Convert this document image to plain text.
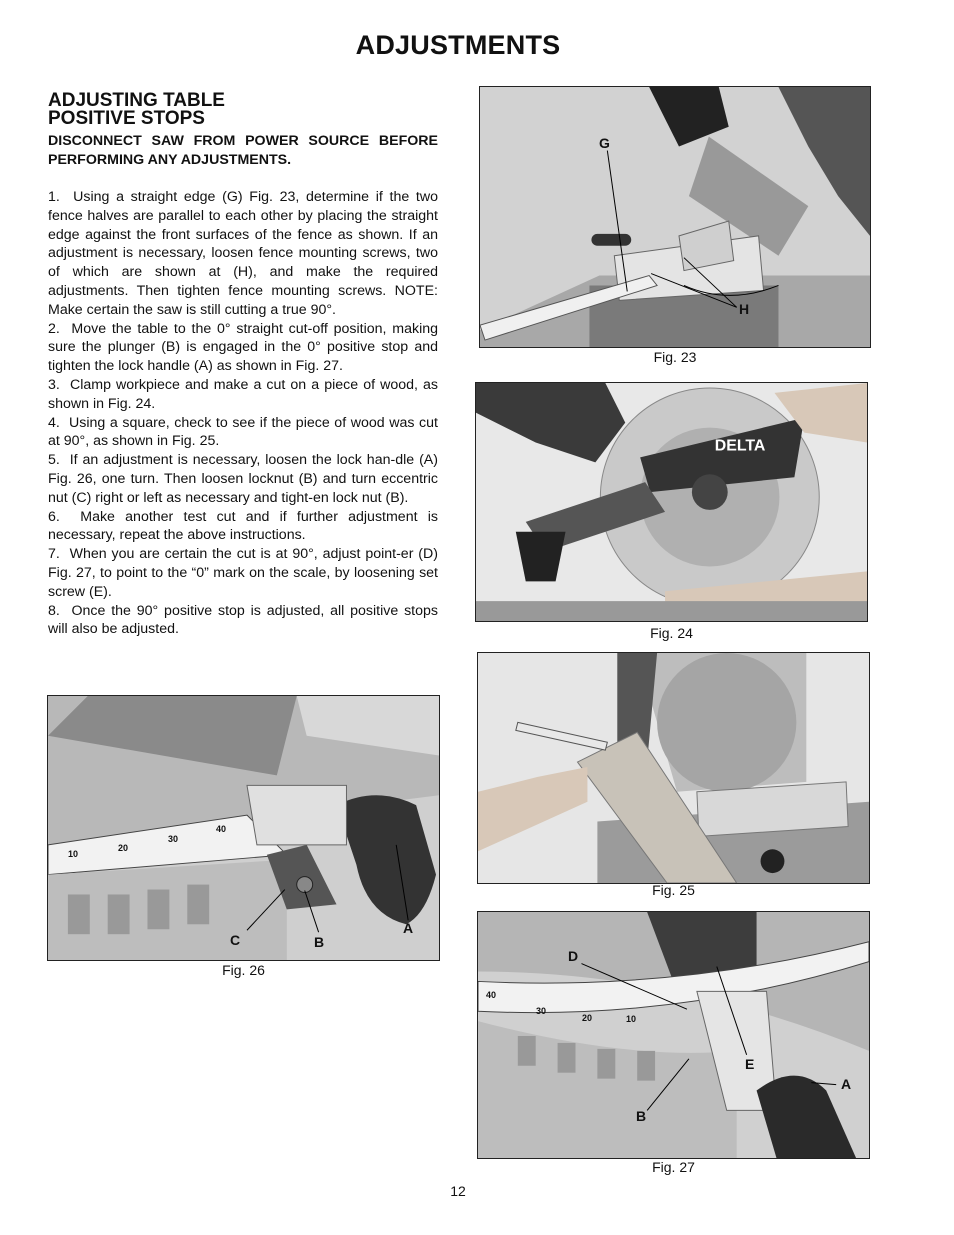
ADJUSTMENTS
ADJUSTING TABLE
POSITIVE STOPS
DISCONNECT SAW FROM POWER SOURCE BEFORE PERFORMING ANY ADJUSTMENTS.

1.  Using a straight edge (G) Fig. 23, determine if the two fence halves are parallel to each other by placing the straight edge against the front surfaces of the fence as shown. If an adjustment is necessary, loosen fence mounting screws, two of which are shown at (H), and make the required adjustments. Then tighten fence mounting screws. NOTE: Make certain the saw is still cutting a true 90°.

2.  Move the table to the 0° straight cut-off position, making sure the plunger (B) is engaged in the 0° positive stop and tighten the lock handle (A) as shown in Fig. 27.

3.  Clamp workpiece and make a cut on a piece of wood, as shown in Fig. 24.

4.  Using a square, check to see if the piece of wood was cut at 90°, as shown in Fig. 25.

5.  If an adjustment is necessary, loosen the lock han-dle (A) Fig. 26, one turn. Then loosen locknut (B) and turn eccentric nut (C) right or left as necessary and tight-en lock nut (B).

6.  Make another test cut and if further adjustment is necessary, repeat the above instructions.

7.  When you are certain the cut is at 90°, adjust point-er (D) Fig. 27, to point to the “0” mark on the scale, by loosening set screw (E).

8.  Once the 90° positive stop is adjusted, all positive stops will also be adjusted.

G
H
Fig. 23
DELTA
Fig. 24
Fig. 25
10
20
30
40
C	B
A
Fig. 26
40
30
20	10
D
E
A
B
Fig. 27
12
